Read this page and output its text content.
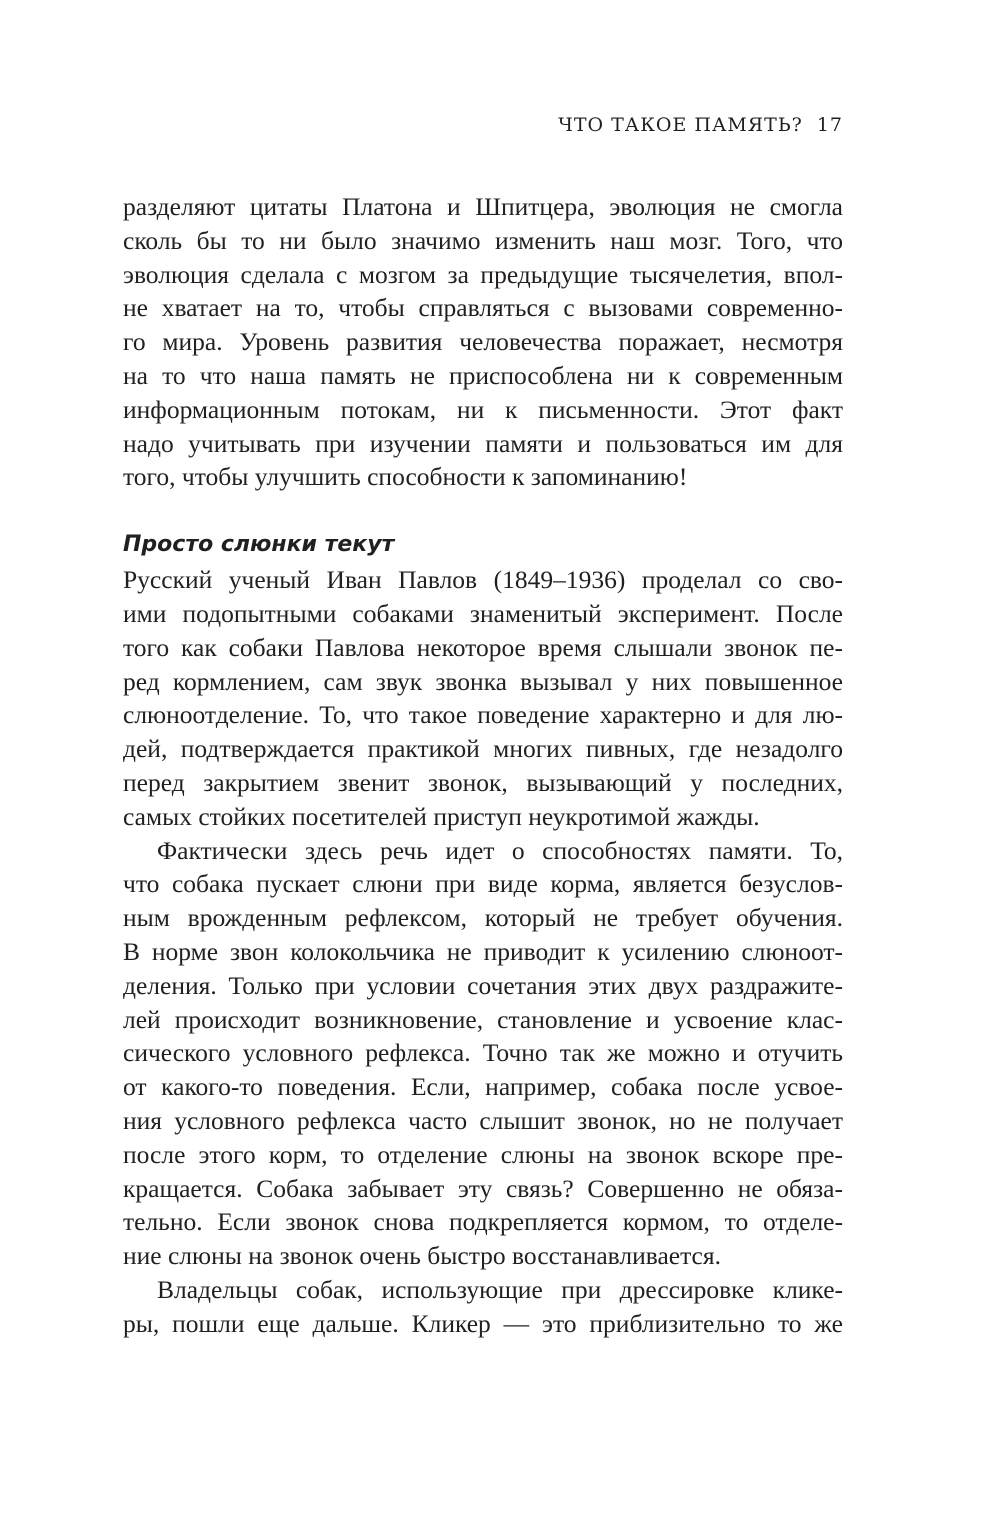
ЧТО ТАКОЕ ПАМЯТЬ? 17
разделяют цитаты Платона и Шпитцера, эволюция не смогла
сколь бы то ни было значимо изменить наш мозг. Того, что
эволюция сделала с мозгом за предыдущие тысячелетия, впол-
не хватает на то, чтобы справляться с вызовами современно-
го мира. Уровень развития человечества поражает, несмотря
на то что наша память не приспособлена ни к современным
информационным потокам, ни к письменности. Этот факт
надо учитывать при изучении памяти и пользоваться им для
того, чтобы улучшить способности к запоминанию!
Просто слюнки текут
Русский ученый Иван Павлов (1849–1936) проделал со сво-
ими подопытными собаками знаменитый эксперимент. После
того как собаки Павлова некоторое время слышали звонок пе-
ред кормлением, сам звук звонка вызывал у них повышенное
слюноотделение. То, что такое поведение характерно и для лю-
дей, подтверждается практикой многих пивных, где незадолго
перед закрытием звенит звонок, вызывающий у последних,
самых стойких посетителей приступ неукротимой жажды.
Фактически здесь речь идет о способностях памяти. То,
что собака пускает слюни при виде корма, является безуслов-
ным врожденным рефлексом, который не требует обучения.
В норме звон колокольчика не приводит к усилению слюноот-
деления. Только при условии сочетания этих двух раздражите-
лей происходит возникновение, становление и усвоение клас-
сического условного рефлекса. Точно так же можно и отучить
от какого-то поведения. Если, например, собака после усвое-
ния условного рефлекса часто слышит звонок, но не получает
после этого корм, то отделение слюны на звонок вскоре пре-
кращается. Собака забывает эту связь? Совершенно не обяза-
тельно. Если звонок снова подкрепляется кормом, то отделе-
ние слюны на звонок очень быстро восстанавливается.
Владельцы собак, использующие при дрессировке клике-
ры, пошли еще дальше. Кликер — это приблизительно то же
